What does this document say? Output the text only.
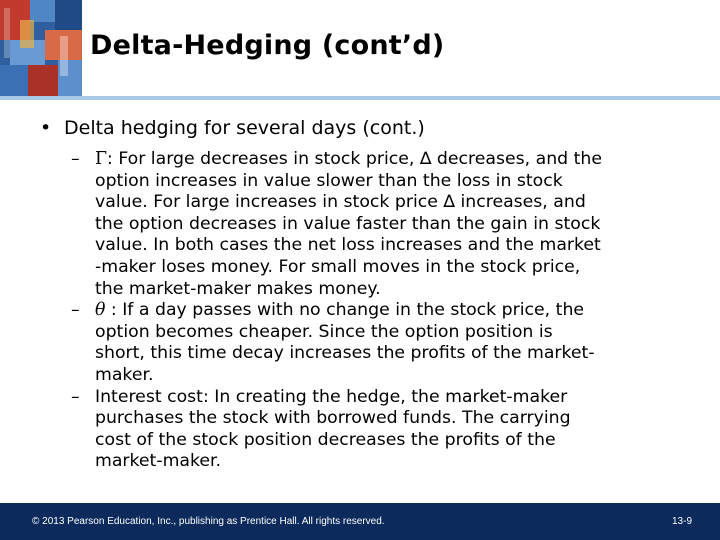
Delta-Hedging (cont’d)
• Delta hedging for several days (cont.)
– Γ: For large decreases in stock price, ∆ decreases, and the
option increases in value slower than the loss in stock
value. For large increases in stock price ∆ increases, and
the option decreases in value faster than the gain in stock
value. In both cases the net loss increases and the market
-maker loses money. For small moves in the stock price,
the market-maker makes money.
– θ : If a day passes with no change in the stock price, the
option becomes cheaper. Since the option position is
short, this time decay increases the profits of the market-
maker.
– Interest cost: In creating the hedge, the market-maker
purchases the stock with borrowed funds. The carrying
cost of the stock position decreases the profits of the
market-maker.
© 2013 Pearson Education, Inc., publishing as Prentice Hall. All rights reserved.	13-9
